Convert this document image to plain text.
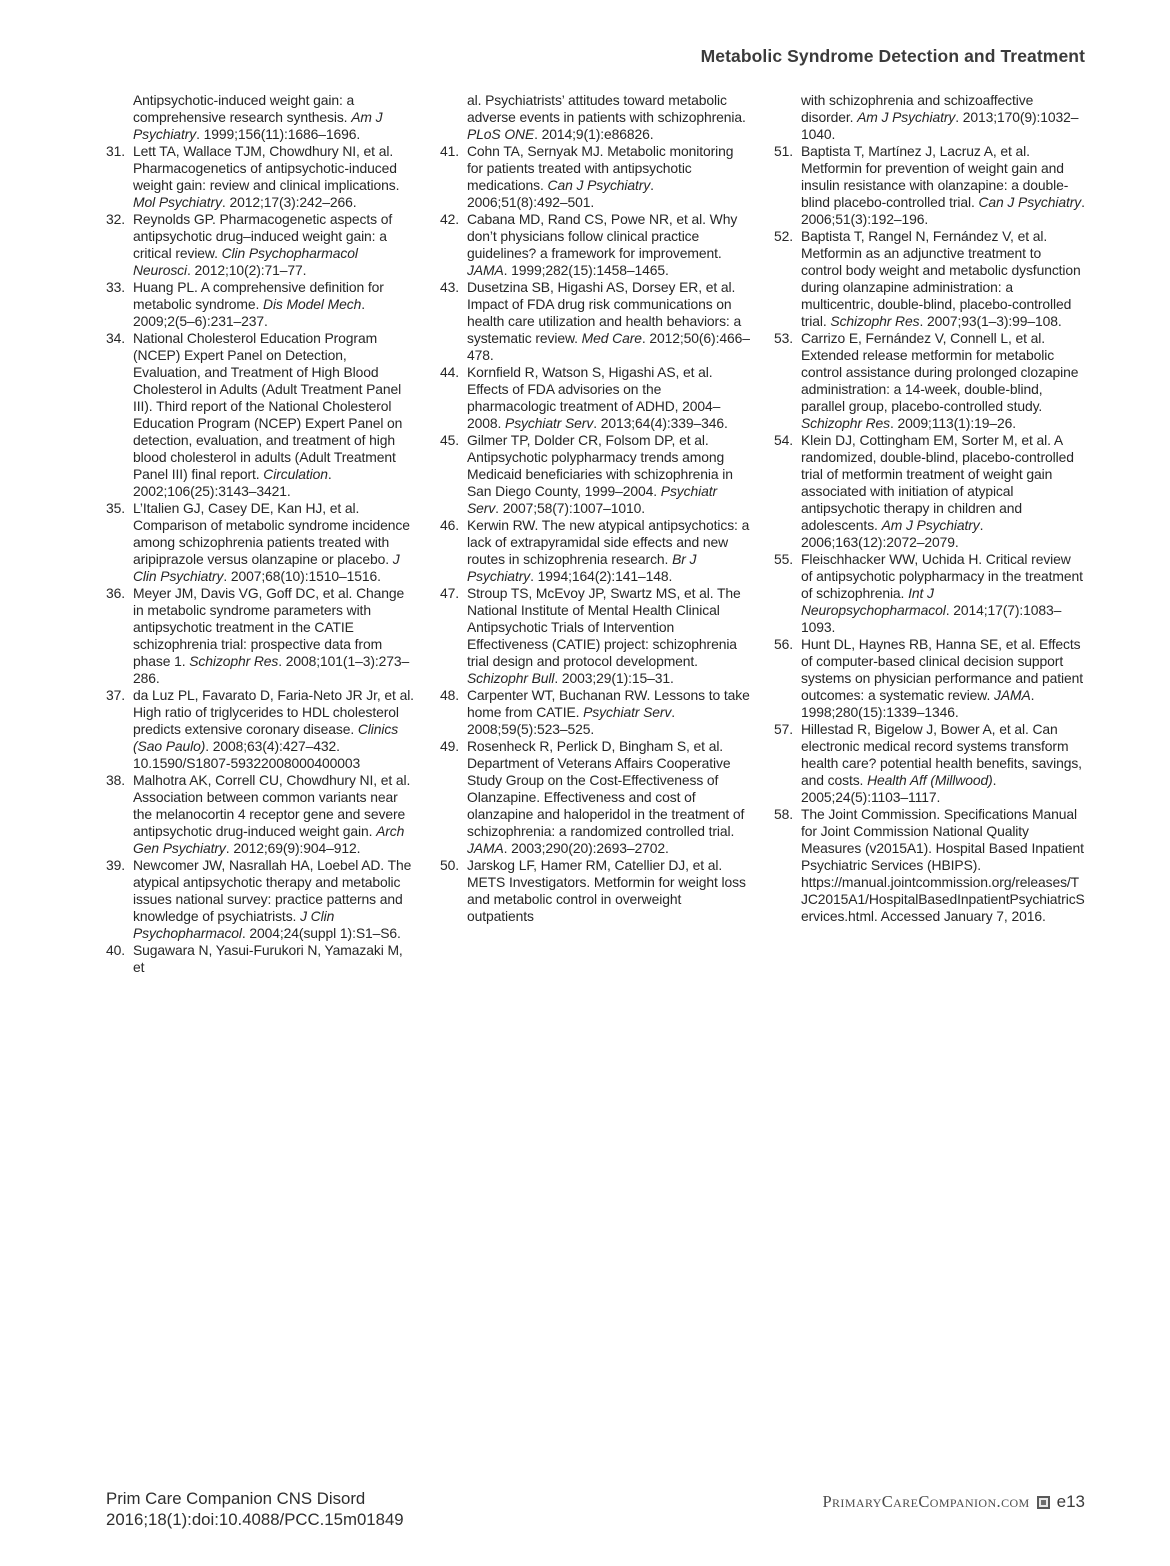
Metabolic Syndrome Detection and Treatment
Antipsychotic-induced weight gain: a comprehensive research synthesis. Am J Psychiatry. 1999;156(11):1686–1696.
31. Lett TA, Wallace TJM, Chowdhury NI, et al. Pharmacogenetics of antipsychotic-induced weight gain: review and clinical implications. Mol Psychiatry. 2012;17(3):242–266.
32. Reynolds GP. Pharmacogenetic aspects of antipsychotic drug–induced weight gain: a critical review. Clin Psychopharmacol Neurosci. 2012;10(2):71–77.
33. Huang PL. A comprehensive definition for metabolic syndrome. Dis Model Mech. 2009;2(5–6):231–237.
34. National Cholesterol Education Program (NCEP) Expert Panel on Detection, Evaluation, and Treatment of High Blood Cholesterol in Adults (Adult Treatment Panel III). Third report of the National Cholesterol Education Program (NCEP) Expert Panel on detection, evaluation, and treatment of high blood cholesterol in adults (Adult Treatment Panel III) final report. Circulation. 2002;106(25):3143–3421.
35. L’Italien GJ, Casey DE, Kan HJ, et al. Comparison of metabolic syndrome incidence among schizophrenia patients treated with aripiprazole versus olanzapine or placebo. J Clin Psychiatry. 2007;68(10):1510–1516.
36. Meyer JM, Davis VG, Goff DC, et al. Change in metabolic syndrome parameters with antipsychotic treatment in the CATIE schizophrenia trial: prospective data from phase 1. Schizophr Res. 2008;101(1–3):273–286.
37. da Luz PL, Favarato D, Faria-Neto JR Jr, et al. High ratio of triglycerides to HDL cholesterol predicts extensive coronary disease. Clinics (Sao Paulo). 2008;63(4):427–432. 10.1590/S1807-59322008000400003
38. Malhotra AK, Correll CU, Chowdhury NI, et al. Association between common variants near the melanocortin 4 receptor gene and severe antipsychotic drug-induced weight gain. Arch Gen Psychiatry. 2012;69(9):904–912.
39. Newcomer JW, Nasrallah HA, Loebel AD. The atypical antipsychotic therapy and metabolic issues national survey: practice patterns and knowledge of psychiatrists. J Clin Psychopharmacol. 2004;24(suppl 1):S1–S6.
40. Sugawara N, Yasui-Furukori N, Yamazaki M, et
al. Psychiatrists’ attitudes toward metabolic adverse events in patients with schizophrenia. PLoS ONE. 2014;9(1):e86826.
41. Cohn TA, Sernyak MJ. Metabolic monitoring for patients treated with antipsychotic medications. Can J Psychiatry. 2006;51(8):492–501.
42. Cabana MD, Rand CS, Powe NR, et al. Why don’t physicians follow clinical practice guidelines? a framework for improvement. JAMA. 1999;282(15):1458–1465.
43. Dusetzina SB, Higashi AS, Dorsey ER, et al. Impact of FDA drug risk communications on health care utilization and health behaviors: a systematic review. Med Care. 2012;50(6):466–478.
44. Kornfield R, Watson S, Higashi AS, et al. Effects of FDA advisories on the pharmacologic treatment of ADHD, 2004–2008. Psychiatr Serv. 2013;64(4):339–346.
45. Gilmer TP, Dolder CR, Folsom DP, et al. Antipsychotic polypharmacy trends among Medicaid beneficiaries with schizophrenia in San Diego County, 1999–2004. Psychiatr Serv. 2007;58(7):1007–1010.
46. Kerwin RW. The new atypical antipsychotics: a lack of extrapyramidal side effects and new routes in schizophrenia research. Br J Psychiatry. 1994;164(2):141–148.
47. Stroup TS, McEvoy JP, Swartz MS, et al. The National Institute of Mental Health Clinical Antipsychotic Trials of Intervention Effectiveness (CATIE) project: schizophrenia trial design and protocol development. Schizophr Bull. 2003;29(1):15–31.
48. Carpenter WT, Buchanan RW. Lessons to take home from CATIE. Psychiatr Serv. 2008;59(5):523–525.
49. Rosenheck R, Perlick D, Bingham S, et al. Department of Veterans Affairs Cooperative Study Group on the Cost-Effectiveness of Olanzapine. Effectiveness and cost of olanzapine and haloperidol in the treatment of schizophrenia: a randomized controlled trial. JAMA. 2003;290(20):2693–2702.
50. Jarskog LF, Hamer RM, Catellier DJ, et al. METS Investigators. Metformin for weight loss and metabolic control in overweight outpatients
with schizophrenia and schizoaffective disorder. Am J Psychiatry. 2013;170(9):1032–1040.
51. Baptista T, Martínez J, Lacruz A, et al. Metformin for prevention of weight gain and insulin resistance with olanzapine: a double-blind placebo-controlled trial. Can J Psychiatry. 2006;51(3):192–196.
52. Baptista T, Rangel N, Fernández V, et al. Metformin as an adjunctive treatment to control body weight and metabolic dysfunction during olanzapine administration: a multicentric, double-blind, placebo-controlled trial. Schizophr Res. 2007;93(1–3):99–108.
53. Carrizo E, Fernández V, Connell L, et al. Extended release metformin for metabolic control assistance during prolonged clozapine administration: a 14-week, double-blind, parallel group, placebo-controlled study. Schizophr Res. 2009;113(1):19–26.
54. Klein DJ, Cottingham EM, Sorter M, et al. A randomized, double-blind, placebo-controlled trial of metformin treatment of weight gain associated with initiation of atypical antipsychotic therapy in children and adolescents. Am J Psychiatry. 2006;163(12):2072–2079.
55. Fleischhacker WW, Uchida H. Critical review of antipsychotic polypharmacy in the treatment of schizophrenia. Int J Neuropsychopharmacol. 2014;17(7):1083–1093.
56. Hunt DL, Haynes RB, Hanna SE, et al. Effects of computer-based clinical decision support systems on physician performance and patient outcomes: a systematic review. JAMA. 1998;280(15):1339–1346.
57. Hillestad R, Bigelow J, Bower A, et al. Can electronic medical record systems transform health care? potential health benefits, savings, and costs. Health Aff (Millwood). 2005;24(5):1103–1117.
58. The Joint Commission. Specifications Manual for Joint Commission National Quality Measures (v2015A1). Hospital Based Inpatient Psychiatric Services (HBIPS). https://manual.jointcommission.org/releases/TJC2015A1/HospitalBasedInpatientPsychiatricServices.html. Accessed January 7, 2016.
Prim Care Companion CNS Disord
2016;18(1):doi:10.4088/PCC.15m01849
PrimaryCareCompanion.com e13
